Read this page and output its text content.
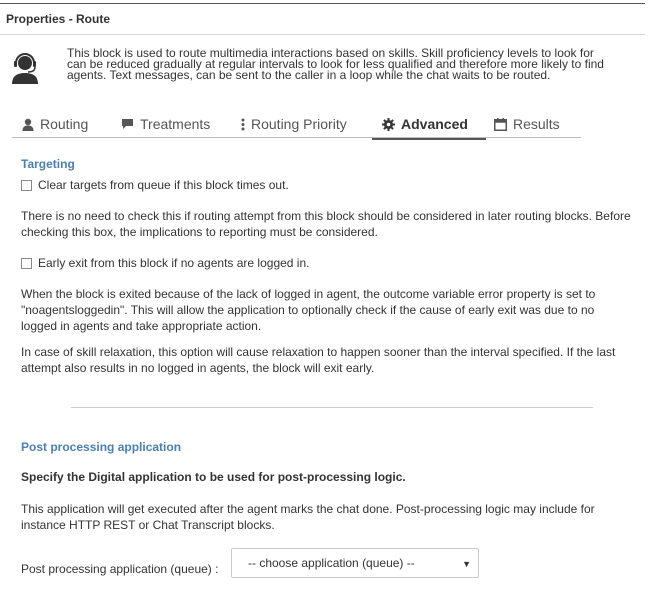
Properties - Route
This block is used to route multimedia interactions based on skills. Skill proficiency levels to look for can be reduced gradually at regular intervals to look for less qualified and therefore more likely to find agents. Text messages, can be sent to the caller in a loop while the chat waits to be routed.
Routing	Treatments	Routing Priority	Advanced	Results
Targeting
Clear targets from queue if this block times out.
There is no need to check this if routing attempt from this block should be considered in later routing blocks. Before checking this box, the implications to reporting must be considered.
Early exit from this block if no agents are logged in.
When the block is exited because of the lack of logged in agent, the outcome variable error property is set to "noagentsloggedin". This will allow the application to optionally check if the cause of early exit was due to no logged in agents and take appropriate action.
In case of skill relaxation, this option will cause relaxation to happen sooner than the interval specified. If the last attempt also results in no logged in agents, the block will exit early.
Post processing application
Specify the Digital application to be used for post-processing logic.
This application will get executed after the agent marks the chat done. Post-processing logic may include for instance HTTP REST or Chat Transcript blocks.
Post processing application (queue) : -- choose application (queue) --	▼
